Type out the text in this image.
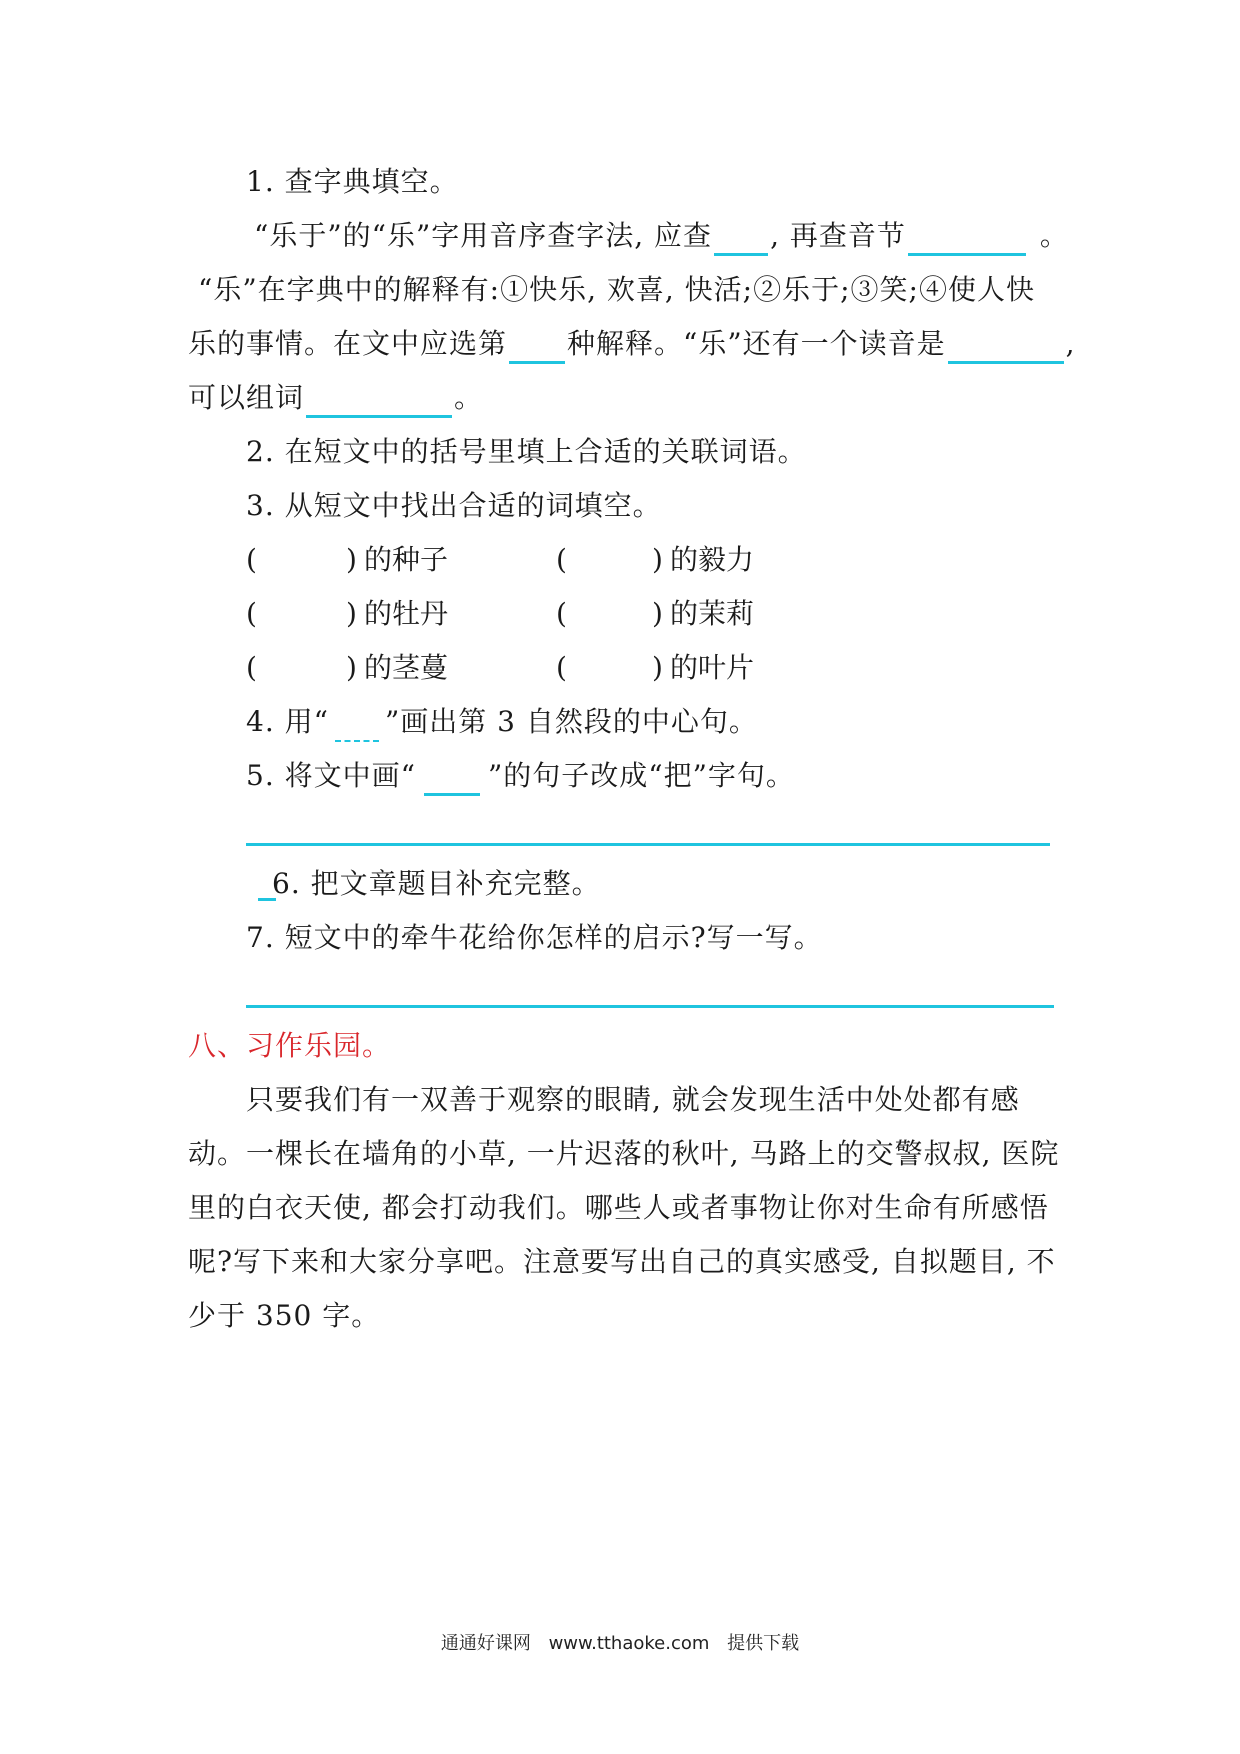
1. 查字典填空。
“乐于”的“乐”字用音序查字法, 应查 , 再查音节	。
“乐”在字典中的解释有:①快乐, 欢喜, 快活;②乐于;③笑;④使人快
乐的事情。在文中应选第 种解释。“乐”还有一个读音是	,
可以组词	。
2. 在短文中的括号里填上合适的关联词语。
3. 从短文中找出合适的词填空。
(	) 的种子	(	) 的毅力
(	) 的牡丹	(	) 的茉莉
(	) 的茎蔓	(	) 的叶片
4. 用“ ”画出第 3 自然段的中心句。
5. 将文中画“	”的句子改成“把”字句。
6. 把文章题目补充完整。
7. 短文中的牵牛花给你怎样的启示?写一写。
八、习作乐园。
只要我们有一双善于观察的眼睛, 就会发现生活中处处都有感
动。一棵长在墙角的小草, 一片迟落的秋叶, 马路上的交警叔叔, 医院
里的白衣天使, 都会打动我们。哪些人或者事物让你对生命有所感悟
呢?写下来和大家分享吧。注意要写出自己的真实感受, 自拟题目, 不
少于 350 字。
通通好课网 www.tthaoke.com 提供下载
